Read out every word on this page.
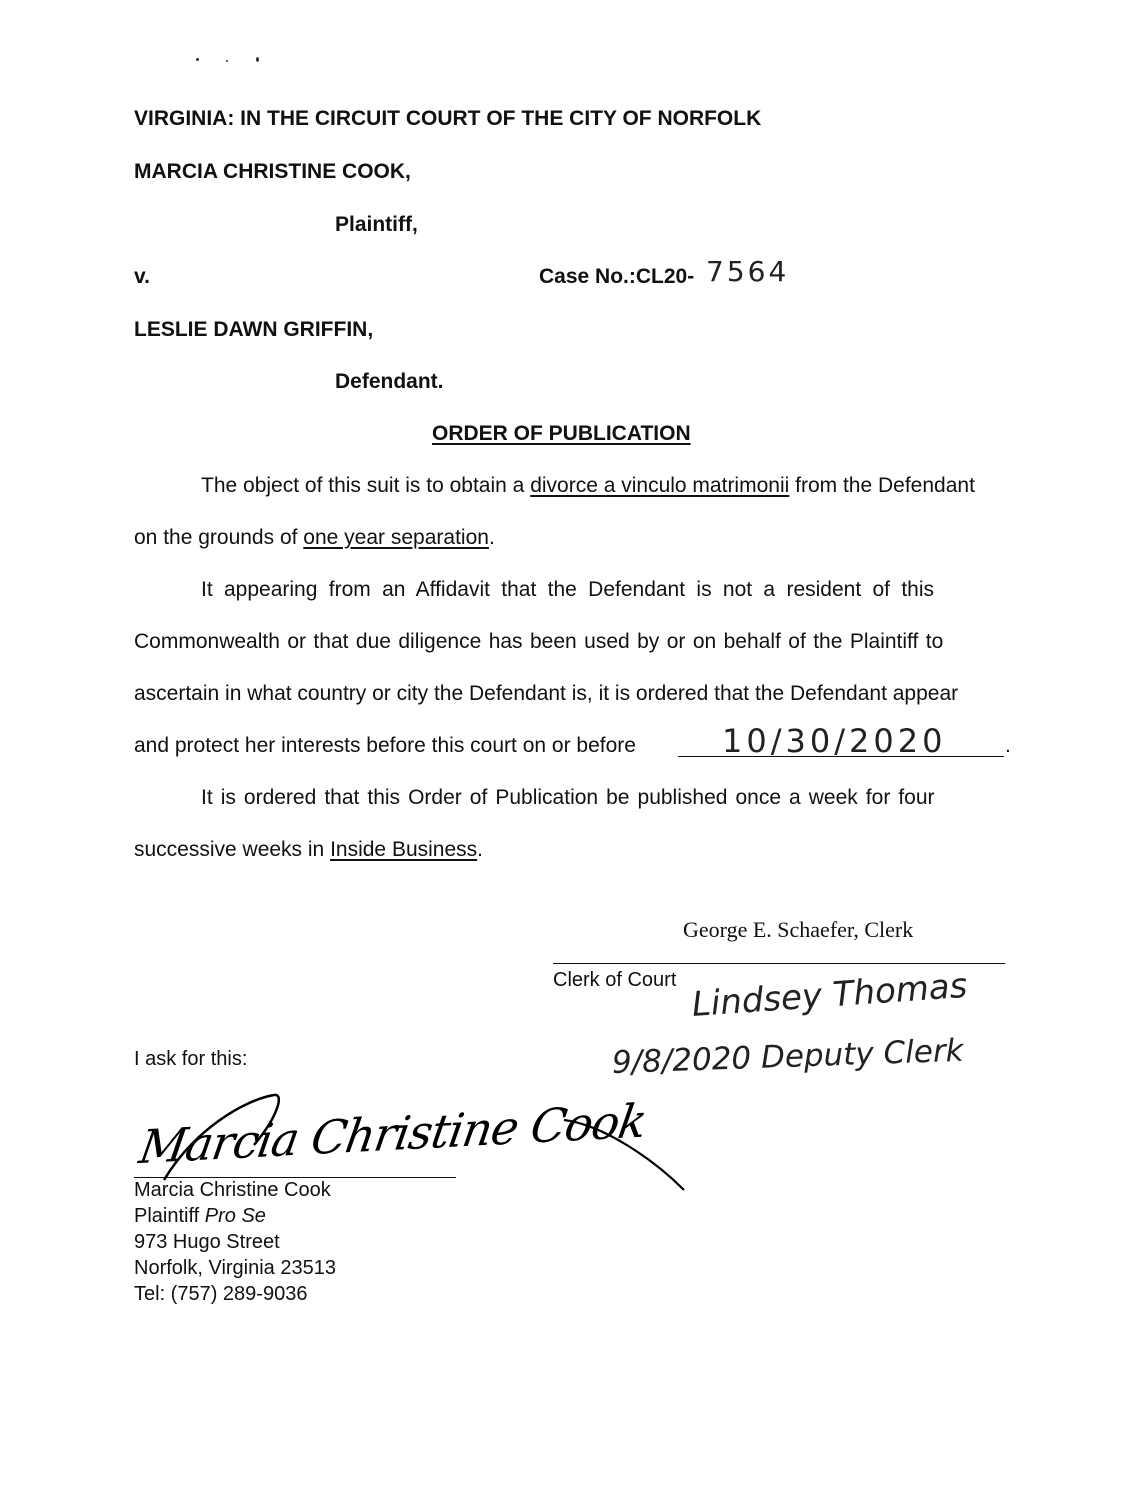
VIRGINIA: IN THE CIRCUIT COURT OF THE CITY OF NORFOLK
MARCIA CHRISTINE COOK,
Plaintiff,
v.	Case No.:CL20- 7564
LESLIE DAWN GRIFFIN,
Defendant.
ORDER OF PUBLICATION
The object of this suit is to obtain a divorce a vinculo matrimonii from the Defendant
on the grounds of one year separation.
It appearing from an Affidavit that the Defendant is not a resident of this
Commonwealth or that due diligence has been used by or on behalf of the Plaintiff to
ascertain in what country or city the Defendant is, it is ordered that the Defendant appear
and protect her interests before this court on or before	10/30/2020	.
It is ordered that this Order of Publication be published once a week for four
successive weeks in Inside Business.
George E. Schaefer, Clerk
Clerk of Court Lindsey Thomas
9/8/2020 Deputy Clerk
I ask for this:
Marcia Christine Cook
Marcia Christine Cook
Plaintiff Pro Se
973 Hugo Street
Norfolk, Virginia 23513
Tel: (757) 289-9036
